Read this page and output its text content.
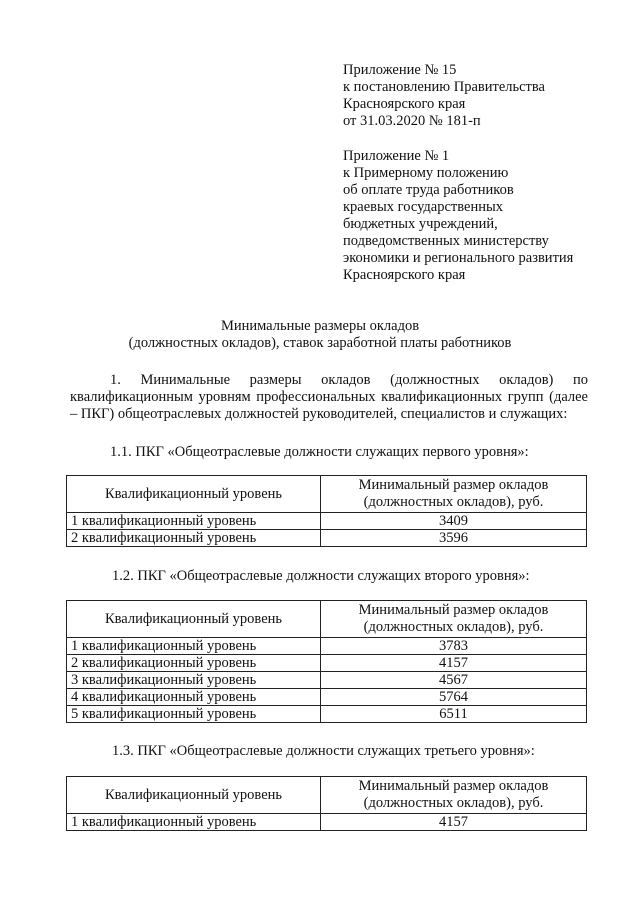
Приложение № 15
к постановлению Правительства
Красноярского края
от 31.03.2020 № 181-п
Приложение № 1
к Примерному положению
об оплате труда работников
краевых государственных
бюджетных учреждений,
подведомственных министерству
экономики и регионального развития
Красноярского края
Минимальные размеры окладов
(должностных окладов), ставок заработной платы работников
1. Минимальные размеры окладов (должностных окладов) по квалификационным уровням профессиональных квалификационных групп (далее – ПКГ) общеотраслевых должностей руководителей, специалистов и служащих:
1.1. ПКГ «Общеотраслевые должности служащих первого уровня»:
Квалификационный уровень	Минимальный размер окладов (должностных окладов), руб.
1 квалификационный уровень	3409
2 квалификационный уровень	3596
1.2. ПКГ «Общеотраслевые должности служащих второго уровня»:
Квалификационный уровень	Минимальный размер окладов (должностных окладов), руб.
1 квалификационный уровень	3783
2 квалификационный уровень	4157
3 квалификационный уровень	4567
4 квалификационный уровень	5764
5 квалификационный уровень	6511
1.3. ПКГ «Общеотраслевые должности служащих третьего уровня»:
Квалификационный уровень	Минимальный размер окладов (должностных окладов), руб.
1 квалификационный уровень	4157
